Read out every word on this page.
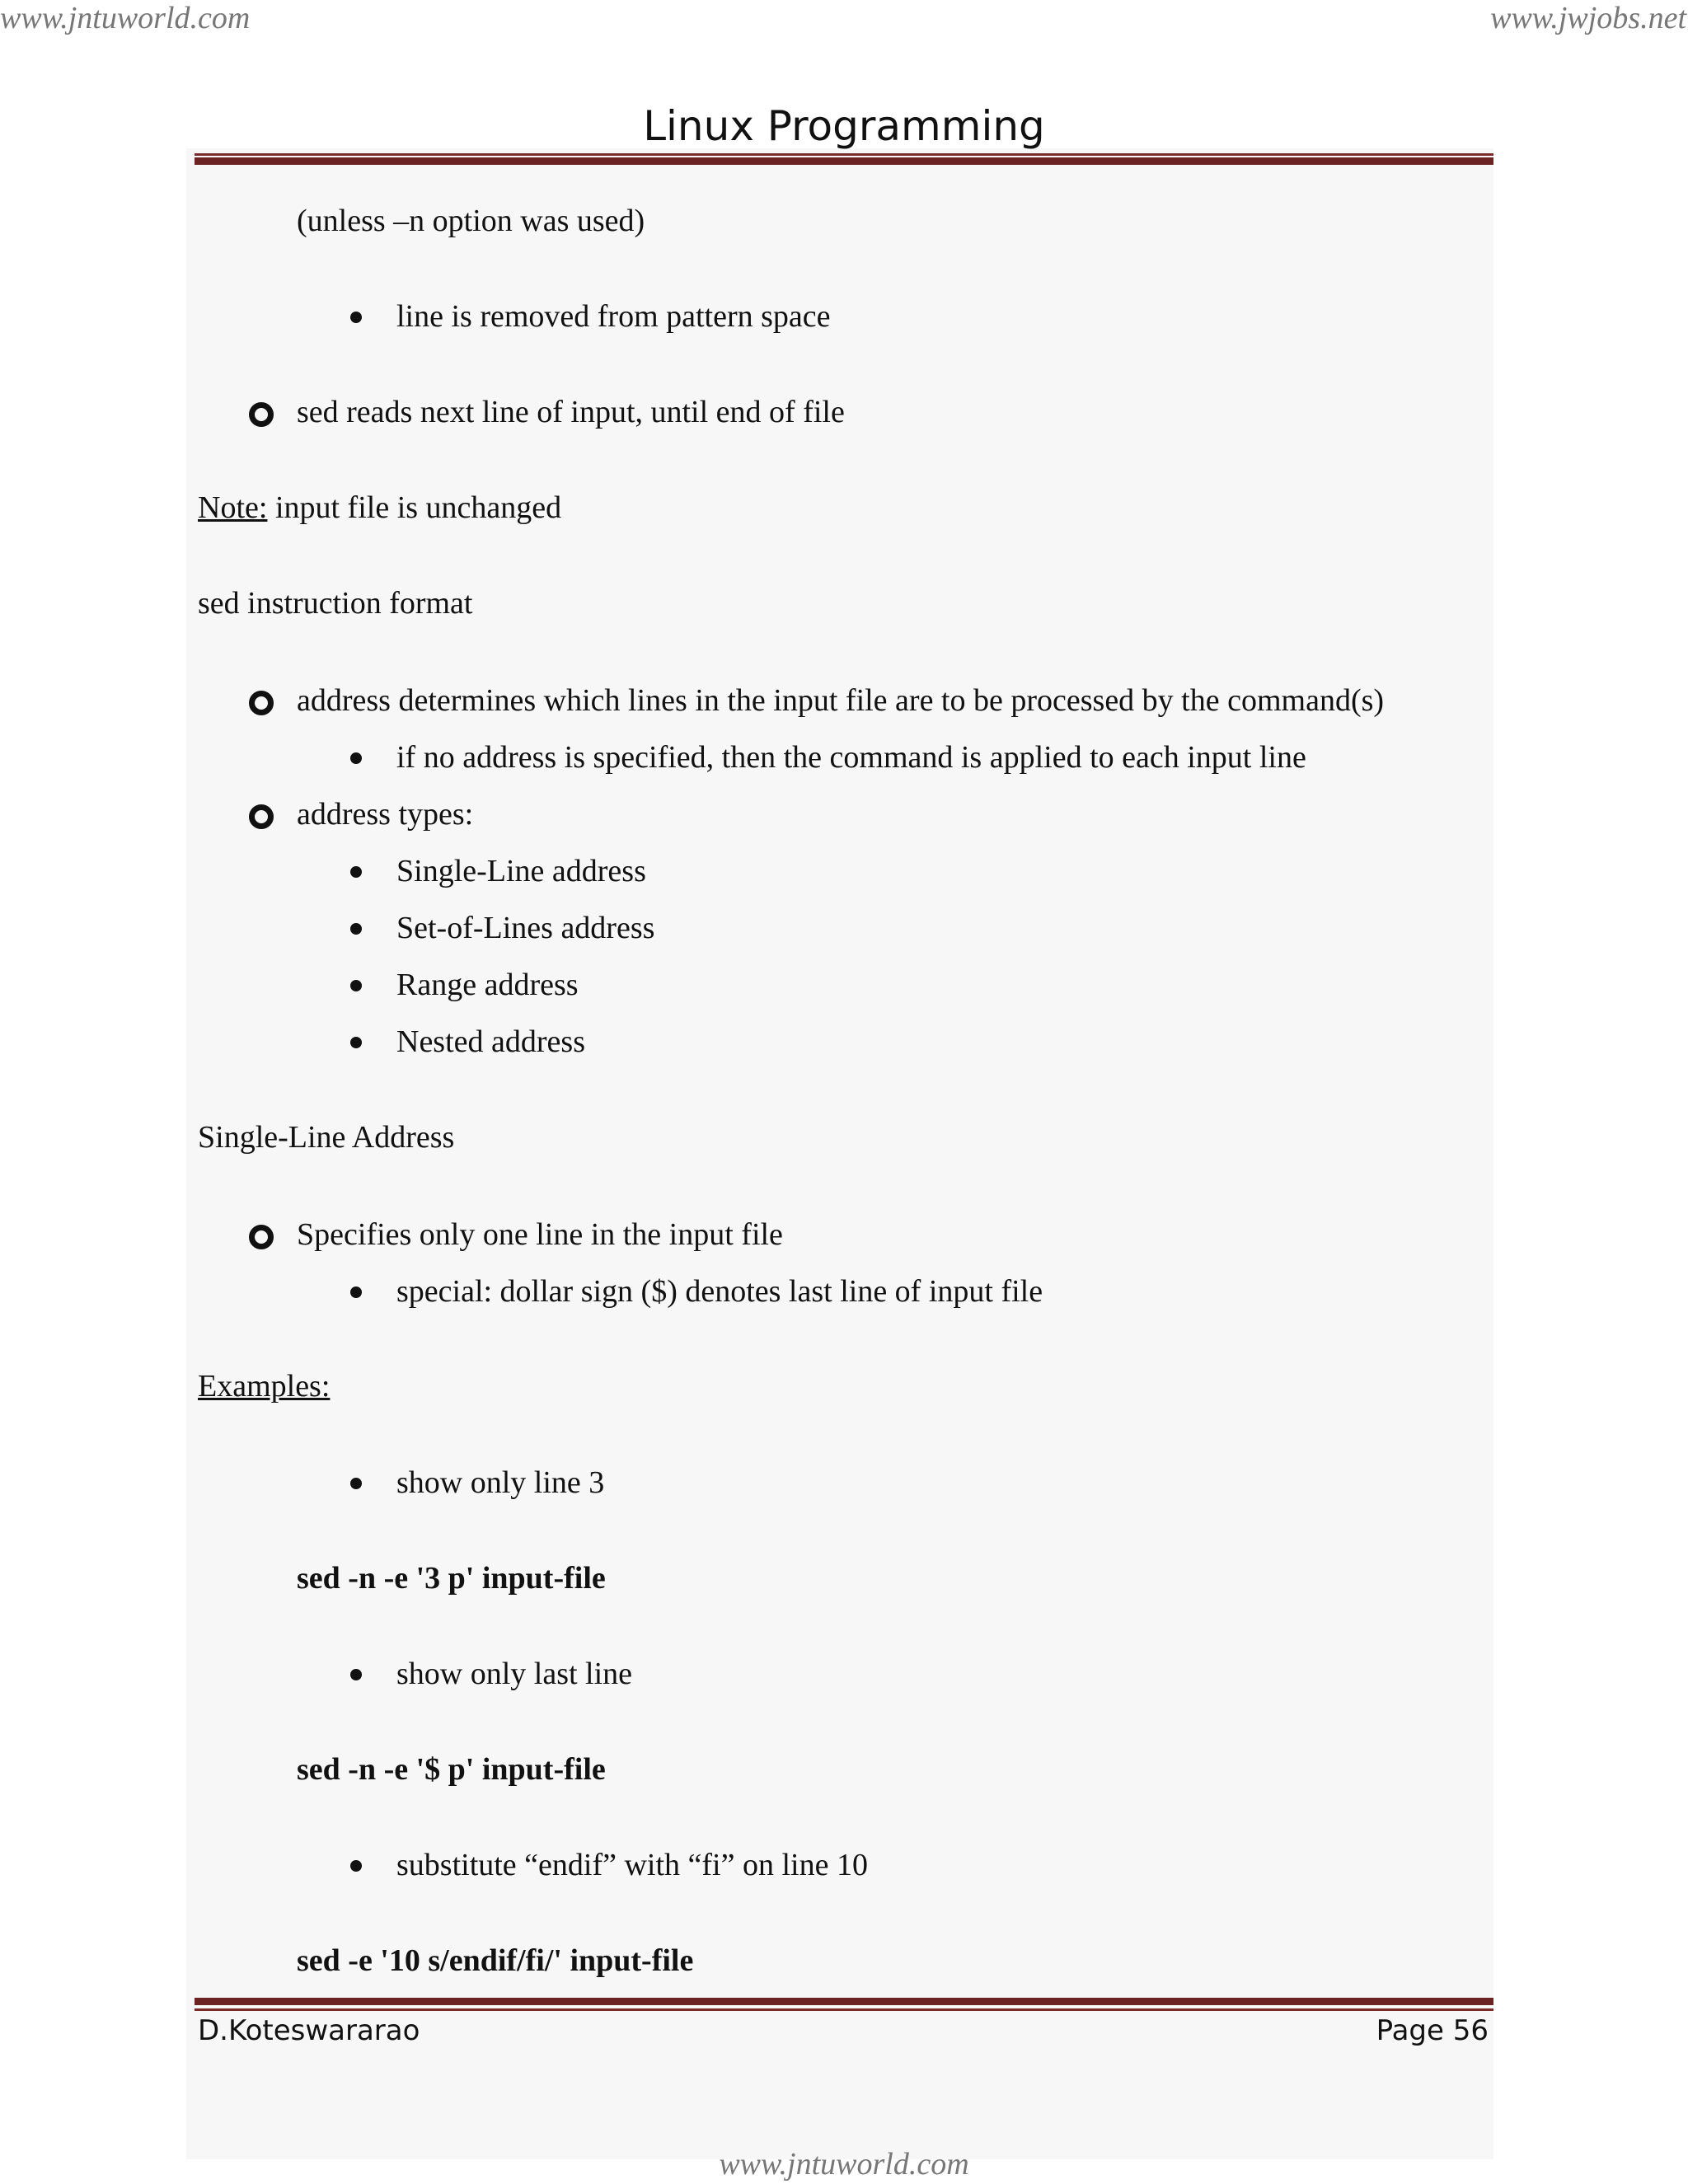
www.jntuworld.com	www.jwjobs.net
Linux Programming
(unless –n option was used)
line is removed from pattern space
sed reads next line of input, until end of file
Note: input file is unchanged
sed instruction format
address determines which lines in the input file are to be processed by the command(s)
if no address is specified, then the command is applied to each input line
address types:
Single-Line address
Set-of-Lines address
Range address
Nested address
Single-Line Address
Specifies only one line in the input file
special: dollar sign ($) denotes last line of input file
Examples:
show only line 3
sed -n -e '3 p' input-file
show only last line
sed -n -e '$ p' input-file
substitute “endif” with “fi” on line 10
sed -e '10 s/endif/fi/' input-file
D.Koteswararao	Page 56
www.jntuworld.com
